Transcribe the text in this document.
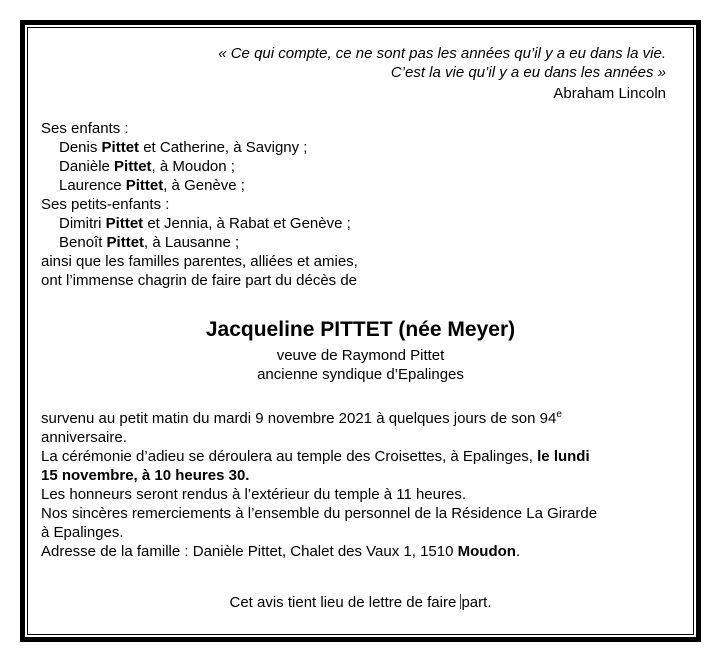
« Ce qui compte, ce ne sont pas les années qu’il y a eu dans la vie.
C’est la vie qu’il y a eu dans les années »
Abraham Lincoln
Ses enfants :
Denis Pittet et Catherine, à Savigny ;
Danièle Pittet, à Moudon ;
Laurence Pittet, à Genève ;
Ses petits-enfants :
Dimitri Pittet et Jennia, à Rabat et Genève ;
Benoît Pittet, à Lausanne ;
ainsi que les familles parentes, alliées et amies,
ont l’immense chagrin de faire part du décès de
Jacqueline PITTET (née Meyer)
veuve de Raymond Pittet
ancienne syndique d’Epalinges
survenu au petit matin du mardi 9 novembre 2021 à quelques jours de son 94e
anniversaire.
La cérémonie d’adieu se déroulera au temple des Croisettes, à Epalinges, le lundi
15 novembre, à 10 heures 30.
Les honneurs seront rendus à l’extérieur du temple à 11 heures.
Nos sincères remerciements à l’ensemble du personnel de la Résidence La Girarde
à Epalinges.
Adresse de la famille : Danièle Pittet, Chalet des Vaux 1, 1510 Moudon.
Cet avis tient lieu de lettre de faire part.
